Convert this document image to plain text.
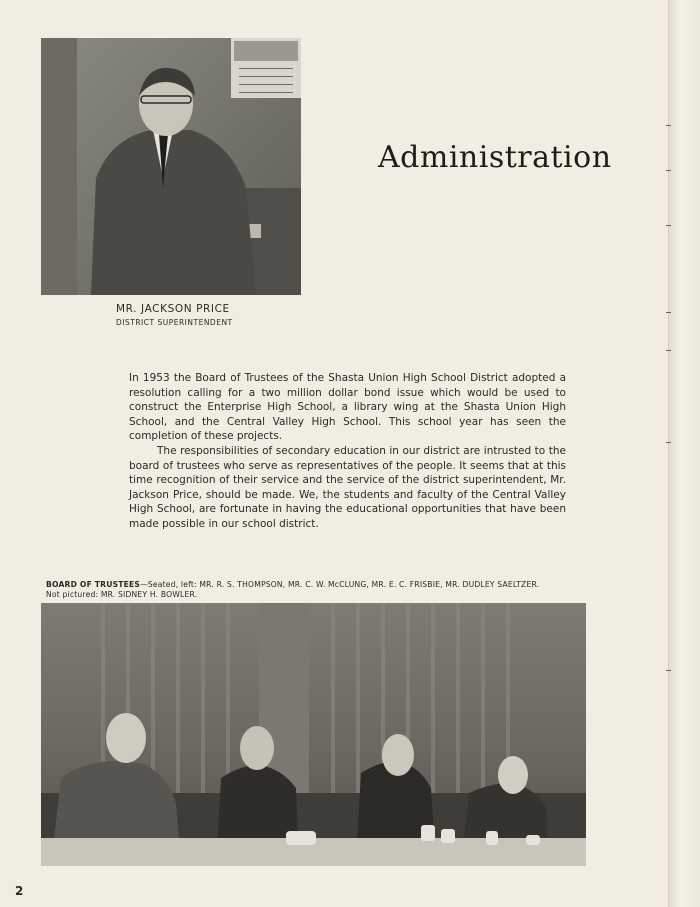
MR. JACKSON PRICE
DISTRICT SUPERINTENDENT
Administration

In 1953 the Board of Trustees of the Shasta Union High School District adopted a resolution calling for a two million dollar bond issue which would be used to construct the Enterprise High School, a library wing at the Shasta Union High School, and the Central Valley High School. This school year has seen the completion of these projects.

The responsibilities of secondary education in our district are intrusted to the board of trustees who serve as representatives of the people. It seems that at this time recognition of their service and the service of the district superintendent, Mr. Jackson Price, should be made. We, the students and faculty of the Central Valley High School, are fortunate in having the educational opportunities that have been made possible in our school district.

BOARD OF TRUSTEES—Seated, left: MR. R. S. THOMPSON, MR. C. W. McCLUNG, MR. E. C. FRISBIE, MR. DUDLEY SAELTZER.
Not pictured: MR. SIDNEY H. BOWLER.
2
